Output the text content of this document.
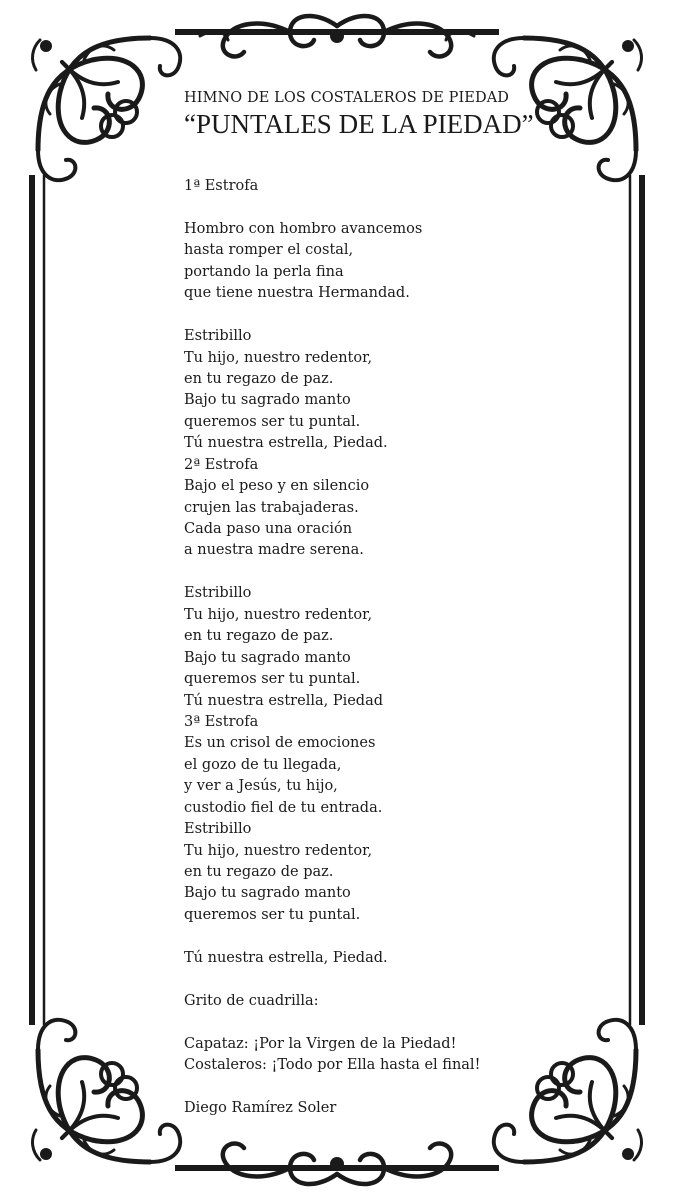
HIMNO DE LOS COSTALEROS DE PIEDAD

“PUNTALES DE LA PIEDAD”

1ª Estrofa
Hombro con hombro avancemos
hasta romper el costal,
portando la perla fina
que tiene nuestra Hermandad.
Estribillo
Tu hijo, nuestro redentor,
en tu regazo de paz.
Bajo tu sagrado manto
queremos ser tu puntal.
Tú nuestra estrella, Piedad.
2ª Estrofa
Bajo el peso y en silencio
crujen las trabajaderas.
Cada paso una oración
a nuestra madre serena.
Estribillo
Tu hijo, nuestro redentor,
en tu regazo de paz.
Bajo tu sagrado manto
queremos ser tu puntal.
Tú nuestra estrella, Piedad
3ª Estrofa
Es un crisol de emociones
el gozo de tu llegada,
y ver a Jesús, tu hijo,
custodio fiel de tu entrada.
Estribillo
Tu hijo, nuestro redentor,
en tu regazo de paz.
Bajo tu sagrado manto
queremos ser tu puntal.
Tú nuestra estrella, Piedad.
Grito de cuadrilla:
Capataz: ¡Por la Virgen de la Piedad!
Costaleros: ¡Todo por Ella hasta el final!
Diego Ramírez Soler
